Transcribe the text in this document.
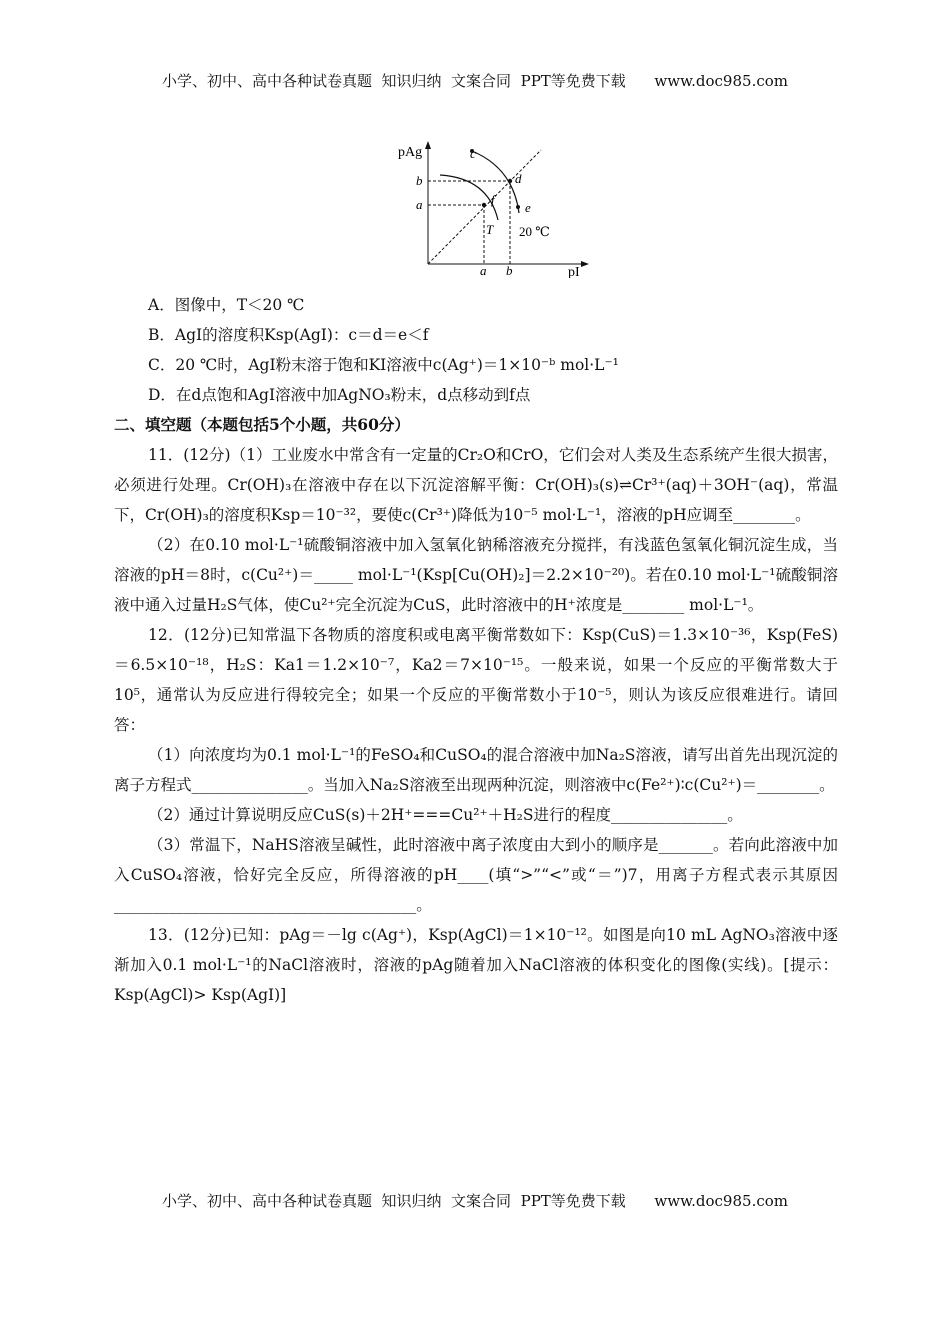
小学、初中、高中各种试卷真题  知识归纳  文案合同  PPT等免费下载      www.doc985.com
pAg
pI
b
a
a b
c
d
e
f
T 20 ℃
A．图像中，T＜20 ℃
B．AgI的溶度积Ksp(AgI)：c＝d＝e＜f
C．20 ℃时，AgI粉末溶于饱和KI溶液中c(Ag⁺)＝1×10⁻ᵇ mol·L⁻¹
D．在d点饱和AgI溶液中加AgNO₃粉末，d点移动到f点
二、填空题（本题包括5个小题，共60分）
11．(12分)（1）工业废水中常含有一定量的Cr₂O和CrO，它们会对人类及生态系统产生很大损害，必须进行处理。Cr(OH)₃在溶液中存在以下沉淀溶解平衡：Cr(OH)₃(s)⇌Cr³⁺(aq)＋3OH⁻(aq)，常温下，Cr(OH)₃的溶度积Ksp＝10⁻³²，要使c(Cr³⁺)降低为10⁻⁵ mol·L⁻¹，溶液的pH应调至________。
（2）在0.10 mol·L⁻¹硫酸铜溶液中加入氢氧化钠稀溶液充分搅拌，有浅蓝色氢氧化铜沉淀生成，当溶液的pH＝8时，c(Cu²⁺)＝_____ mol·L⁻¹(Ksp[Cu(OH)₂]＝2.2×10⁻²⁰)。若在0.10 mol·L⁻¹硫酸铜溶液中通入过量H₂S气体，使Cu²⁺完全沉淀为CuS，此时溶液中的H⁺浓度是________ mol·L⁻¹。
12．(12分)已知常温下各物质的溶度积或电离平衡常数如下：Ksp(CuS)＝1.3×10⁻³⁶，Ksp(FeS)＝6.5×10⁻¹⁸，H₂S：Ka1＝1.2×10⁻⁷，Ka2＝7×10⁻¹⁵。一般来说，如果一个反应的平衡常数大于10⁵，通常认为反应进行得较完全；如果一个反应的平衡常数小于10⁻⁵，则认为该反应很难进行。请回答：
（1）向浓度均为0.1 mol·L⁻¹的FeSO₄和CuSO₄的混合溶液中加Na₂S溶液，请写出首先出现沉淀的离子方程式_______________。当加入Na₂S溶液至出现两种沉淀，则溶液中c(Fe²⁺)∶c(Cu²⁺)＝________。
（2）通过计算说明反应CuS(s)＋2H⁺===Cu²⁺＋H₂S进行的程度_______________。
（3）常温下，NaHS溶液呈碱性，此时溶液中离子浓度由大到小的顺序是_______。若向此溶液中加入CuSO₄溶液，恰好完全反应，所得溶液的pH____(填“>”“<”或“＝”)7，用离子方程式表示其原因_______________________________________。
13．(12分)已知：pAg＝－lg c(Ag⁺)，Ksp(AgCl)＝1×10⁻¹²。如图是向10 mL AgNO₃溶液中逐渐加入0.1 mol·L⁻¹的NaCl溶液时，溶液的pAg随着加入NaCl溶液的体积变化的图像(实线)。[提示：Ksp(AgCl)> Ksp(AgI)]
小学、初中、高中各种试卷真题  知识归纳  文案合同  PPT等免费下载      www.doc985.com
